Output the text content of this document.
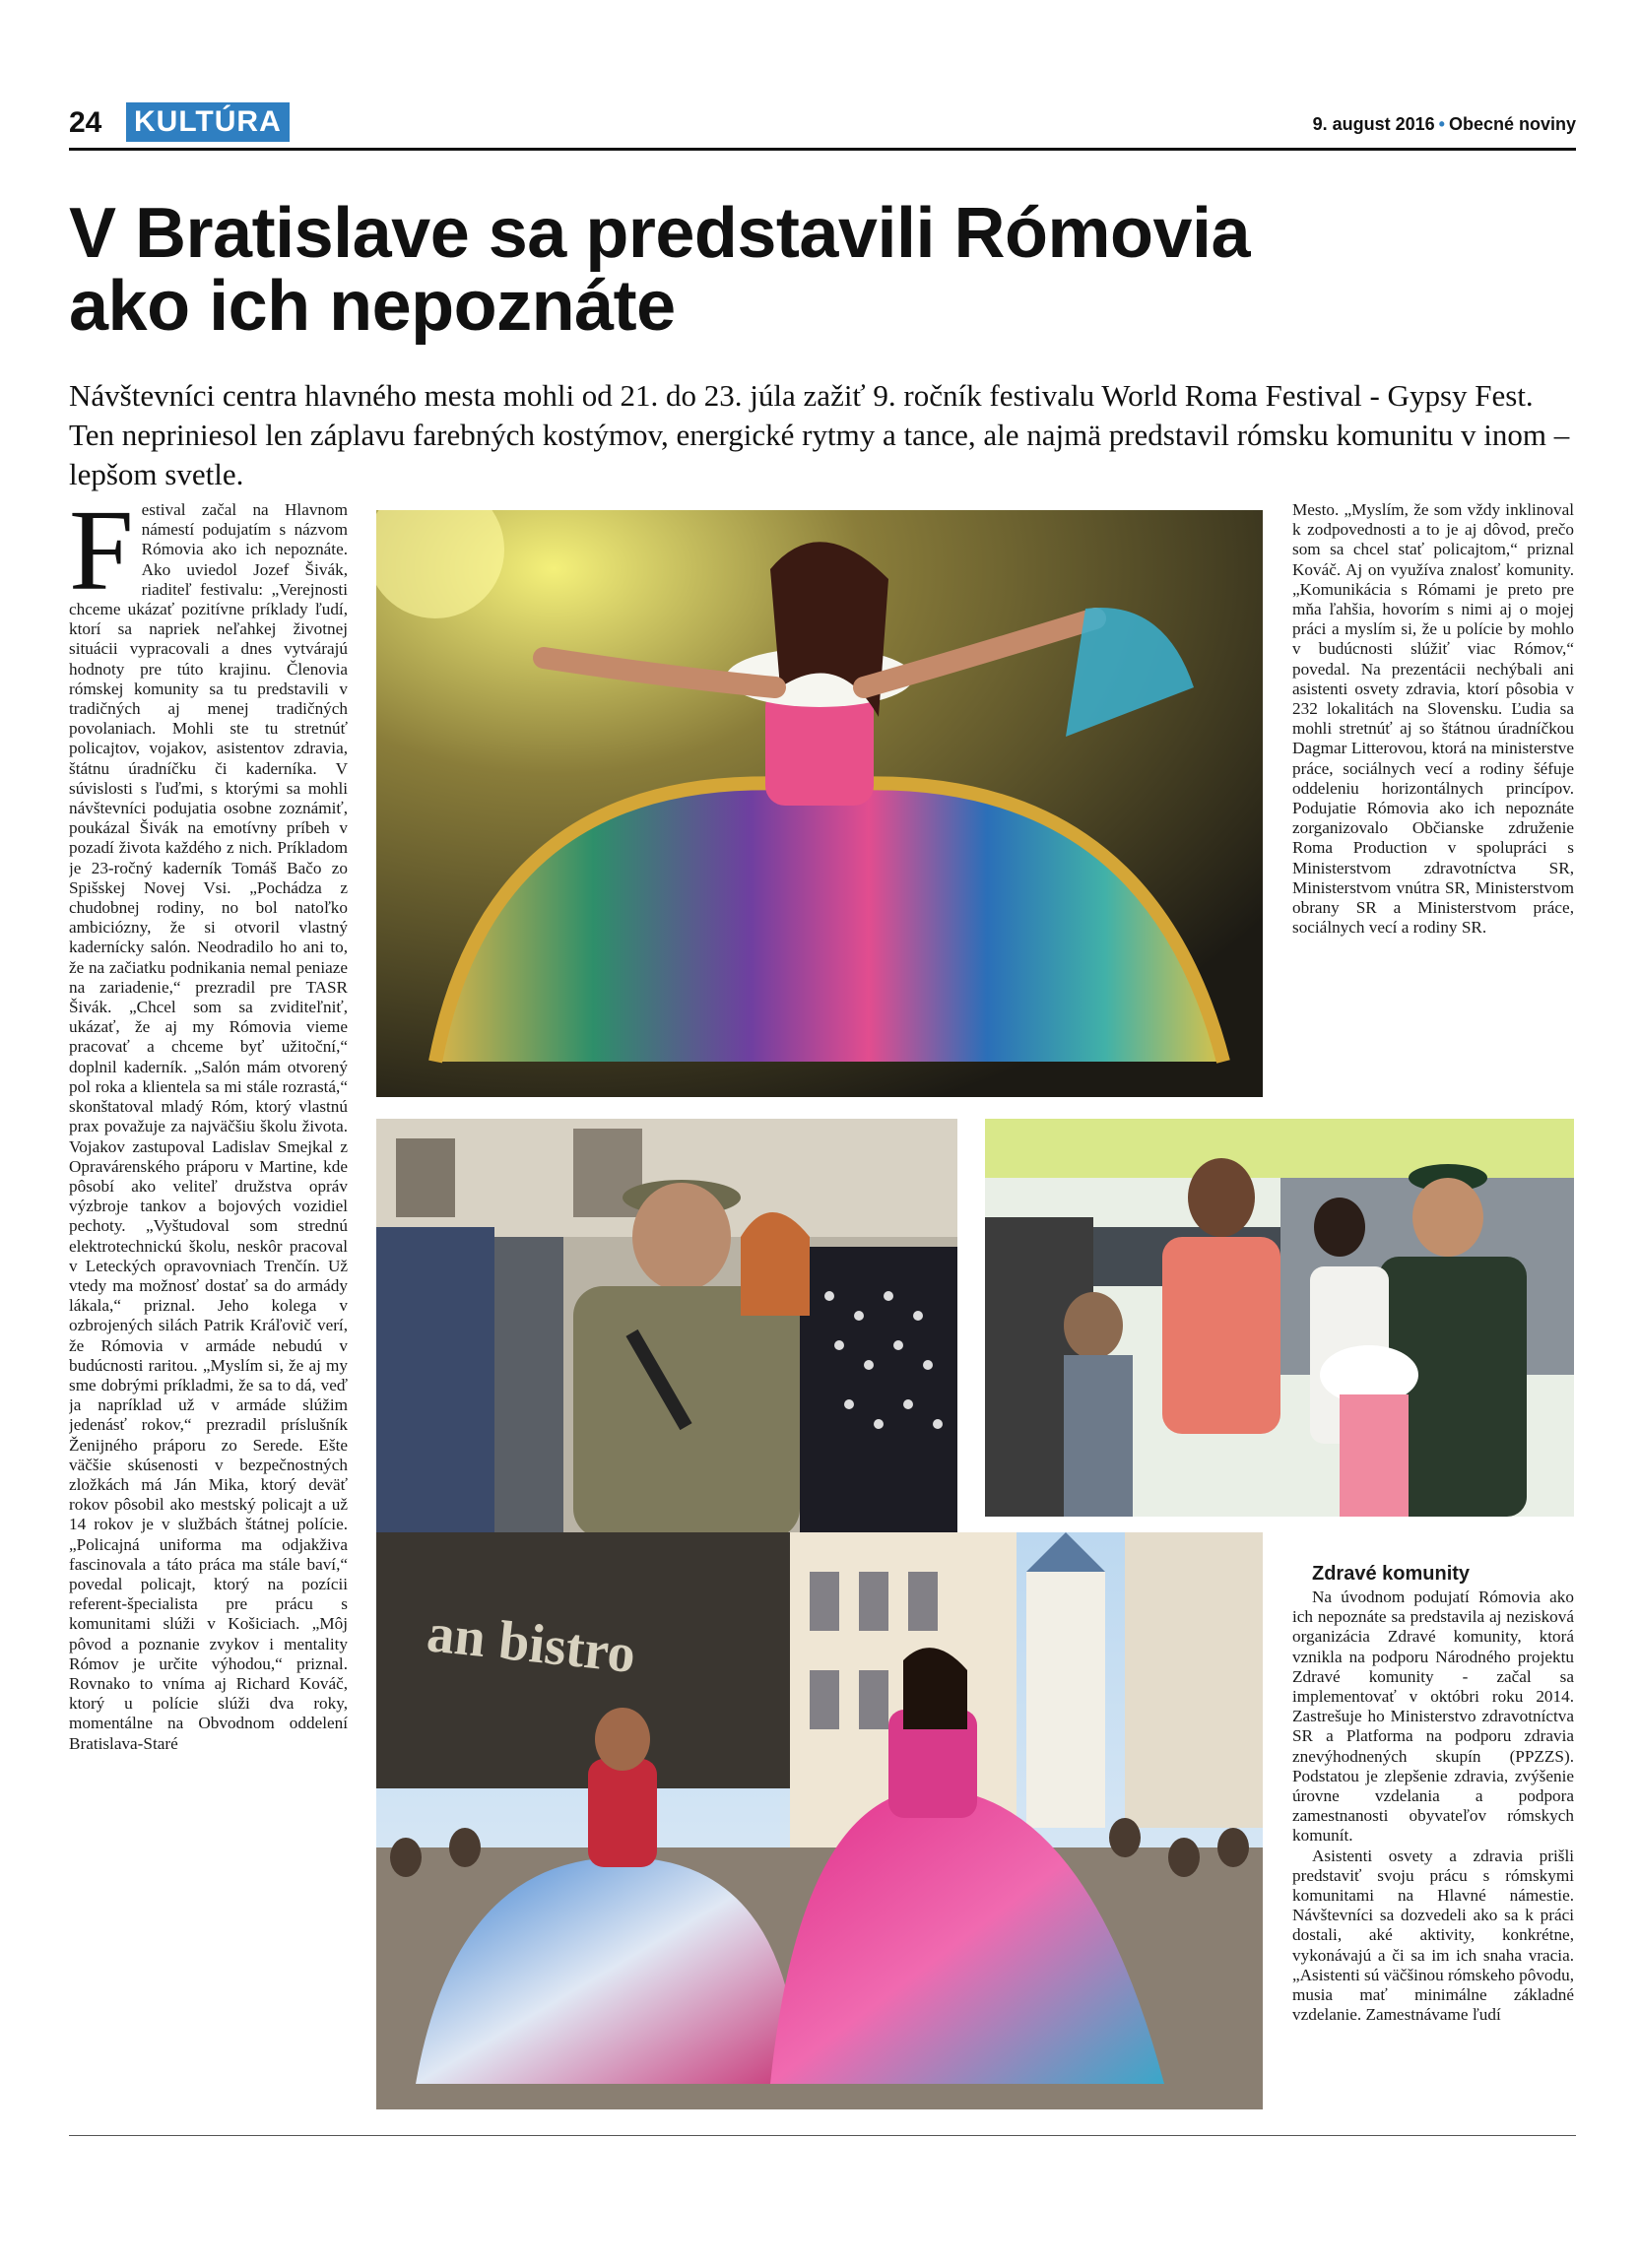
24 KULTÚRA	9. august 2016 • Obecné noviny
V Bratislave sa predstavili Rómovia
ako ich nepoznáte

Návštevníci centra hlavného mesta mohli od 21. do 23. júla zažiť 9. ročník festivalu World Roma Festival - Gypsy Fest. Ten nepriniesol len záplavu farebných kostýmov, energické rytmy a tance, ale najmä predstavil rómsku komunitu v inom – lepšom svetle.

Festival začal na Hlavnom námestí podujatím s názvom Rómovia ako ich nepoznáte. Ako uviedol Jozef Šivák, riaditeľ festivalu: „Verejnosti chceme ukázať pozitívne príklady ľudí, ktorí sa napriek neľahkej životnej situácii vypracovali a dnes vytvárajú hodnoty pre túto krajinu. Členovia rómskej komunity sa tu predstavili v tradičných aj menej tradičných povolaniach. Mohli ste tu stretnúť policajtov, vojakov, asistentov zdravia, štátnu úradníčku či kaderníka. V súvislosti s ľuďmi, s ktorými sa mohli návštevníci podujatia osobne zoznámiť, poukázal Šivák na emotívny príbeh v pozadí života každého z nich. Príkladom je 23-ročný kaderník Tomáš Bačo zo Spišskej Novej Vsi. „Pochádza z chudobnej rodiny, no bol natoľko ambiciózny, že si otvoril vlastný kadernícky salón. Neodradilo ho ani to, že na začiatku podnikania nemal peniaze na zariadenie,“ prezradil pre TASR Šivák. „Chcel som sa zviditeľniť, ukázať, že aj my Rómovia vieme pracovať a chceme byť užitoční,“ doplnil kaderník. „Salón mám otvorený pol roka a klientela sa mi stále rozrastá,“ skonštatoval mladý Róm, ktorý vlastnú prax považuje za najväčšiu školu života. Vojakov zastupoval Ladislav Smejkal z Opravárenského práporu v Martine, kde pôsobí ako veliteľ družstva opráv výzbroje tankov a bojových vozidiel pechoty. „Vyštudoval som strednú elektrotechnickú školu, neskôr pracoval v Leteckých opravovniach Trenčín. Už vtedy ma možnosť dostať sa do armády lákala,“ priznal. Jeho kolega v ozbrojených silách Patrik Kráľovič verí, že Rómovia v armáde nebudú v budúcnosti raritou. „Myslím si, že aj my sme dobrými príkladmi, že sa to dá, veď ja napríklad už v armáde slúžim jedenásť rokov,“ prezradil príslušník Ženijného práporu zo Serede. Ešte väčšie skúsenosti v bezpečnostných zložkách má Ján Mika, ktorý deväť rokov pôsobil ako mestský policajt a už 14 rokov je v službách štátnej polície. „Policajná uniforma ma odjakživa fascinovala a táto práca ma stále baví,“ povedal policajt, ktorý na pozícii referent-špecialista pre prácu s komunitami slúži v Košiciach. „Môj pôvod a poznanie zvykov i mentality Rómov je určite výhodou,“ priznal. Rovnako to vníma aj Richard Kováč, ktorý u polície slúži dva roky, momentálne na Obvodnom oddelení Bratislava-Staré

Mesto. „Myslím, že som vždy inklinoval k zodpovednosti a to je aj dôvod, prečo som sa chcel stať policajtom,“ priznal Kováč. Aj on využíva znalosť komunity. „Komunikácia s Rómami je preto pre mňa ľahšia, hovorím s nimi aj o mojej práci a myslím si, že u polície by mohlo v budúcnosti slúžiť viac Rómov,“ povedal. Na prezentácii nechýbali ani asistenti osvety zdravia, ktorí pôsobia v 232 lokalitách na Slovensku. Ľudia sa mohli stretnúť aj so štátnou úradníčkou Dagmar Litterovou, ktorá na ministerstve práce, sociálnych vecí a rodiny šéfuje oddeleniu horizontálnych princípov. Podujatie Rómovia ako ich nepoznáte zorganizovalo Občianske združenie Roma Production v spolupráci s Ministerstvom zdravotníctva SR, Ministerstvom vnútra SR, Ministerstvom obrany SR a Ministerstvom práce, sociálnych vecí a rodiny SR.

Zdravé komunity

Na úvodnom podujatí Rómovia ako ich nepoznáte sa predstavila aj nezisková organizácia Zdravé komunity, ktorá vznikla na podporu Národného projektu Zdravé komunity - začal sa implementovať v októbri roku 2014. Zastrešuje ho Ministerstvo zdravotníctva SR a Platforma na podporu zdravia znevýhodnených skupín (PPZZS). Podstatou je zlepšenie zdravia, zvýšenie úrovne vzdelania a podpora zamestnanosti obyvateľov rómskych komunít.

Asistenti osvety a zdravia prišli predstaviť svoju prácu s rómskymi komunitami na Hlavné námestie. Návštevníci sa dozvedeli ako sa k práci dostali, aké aktivity, konkrétne, vykonávajú a či sa im ich snaha vracia. „Asistenti sú väčšinou rómskeho pôvodu, musia mať minimálne základné vzdelanie. Zamestnávame ľudí

an bistro
